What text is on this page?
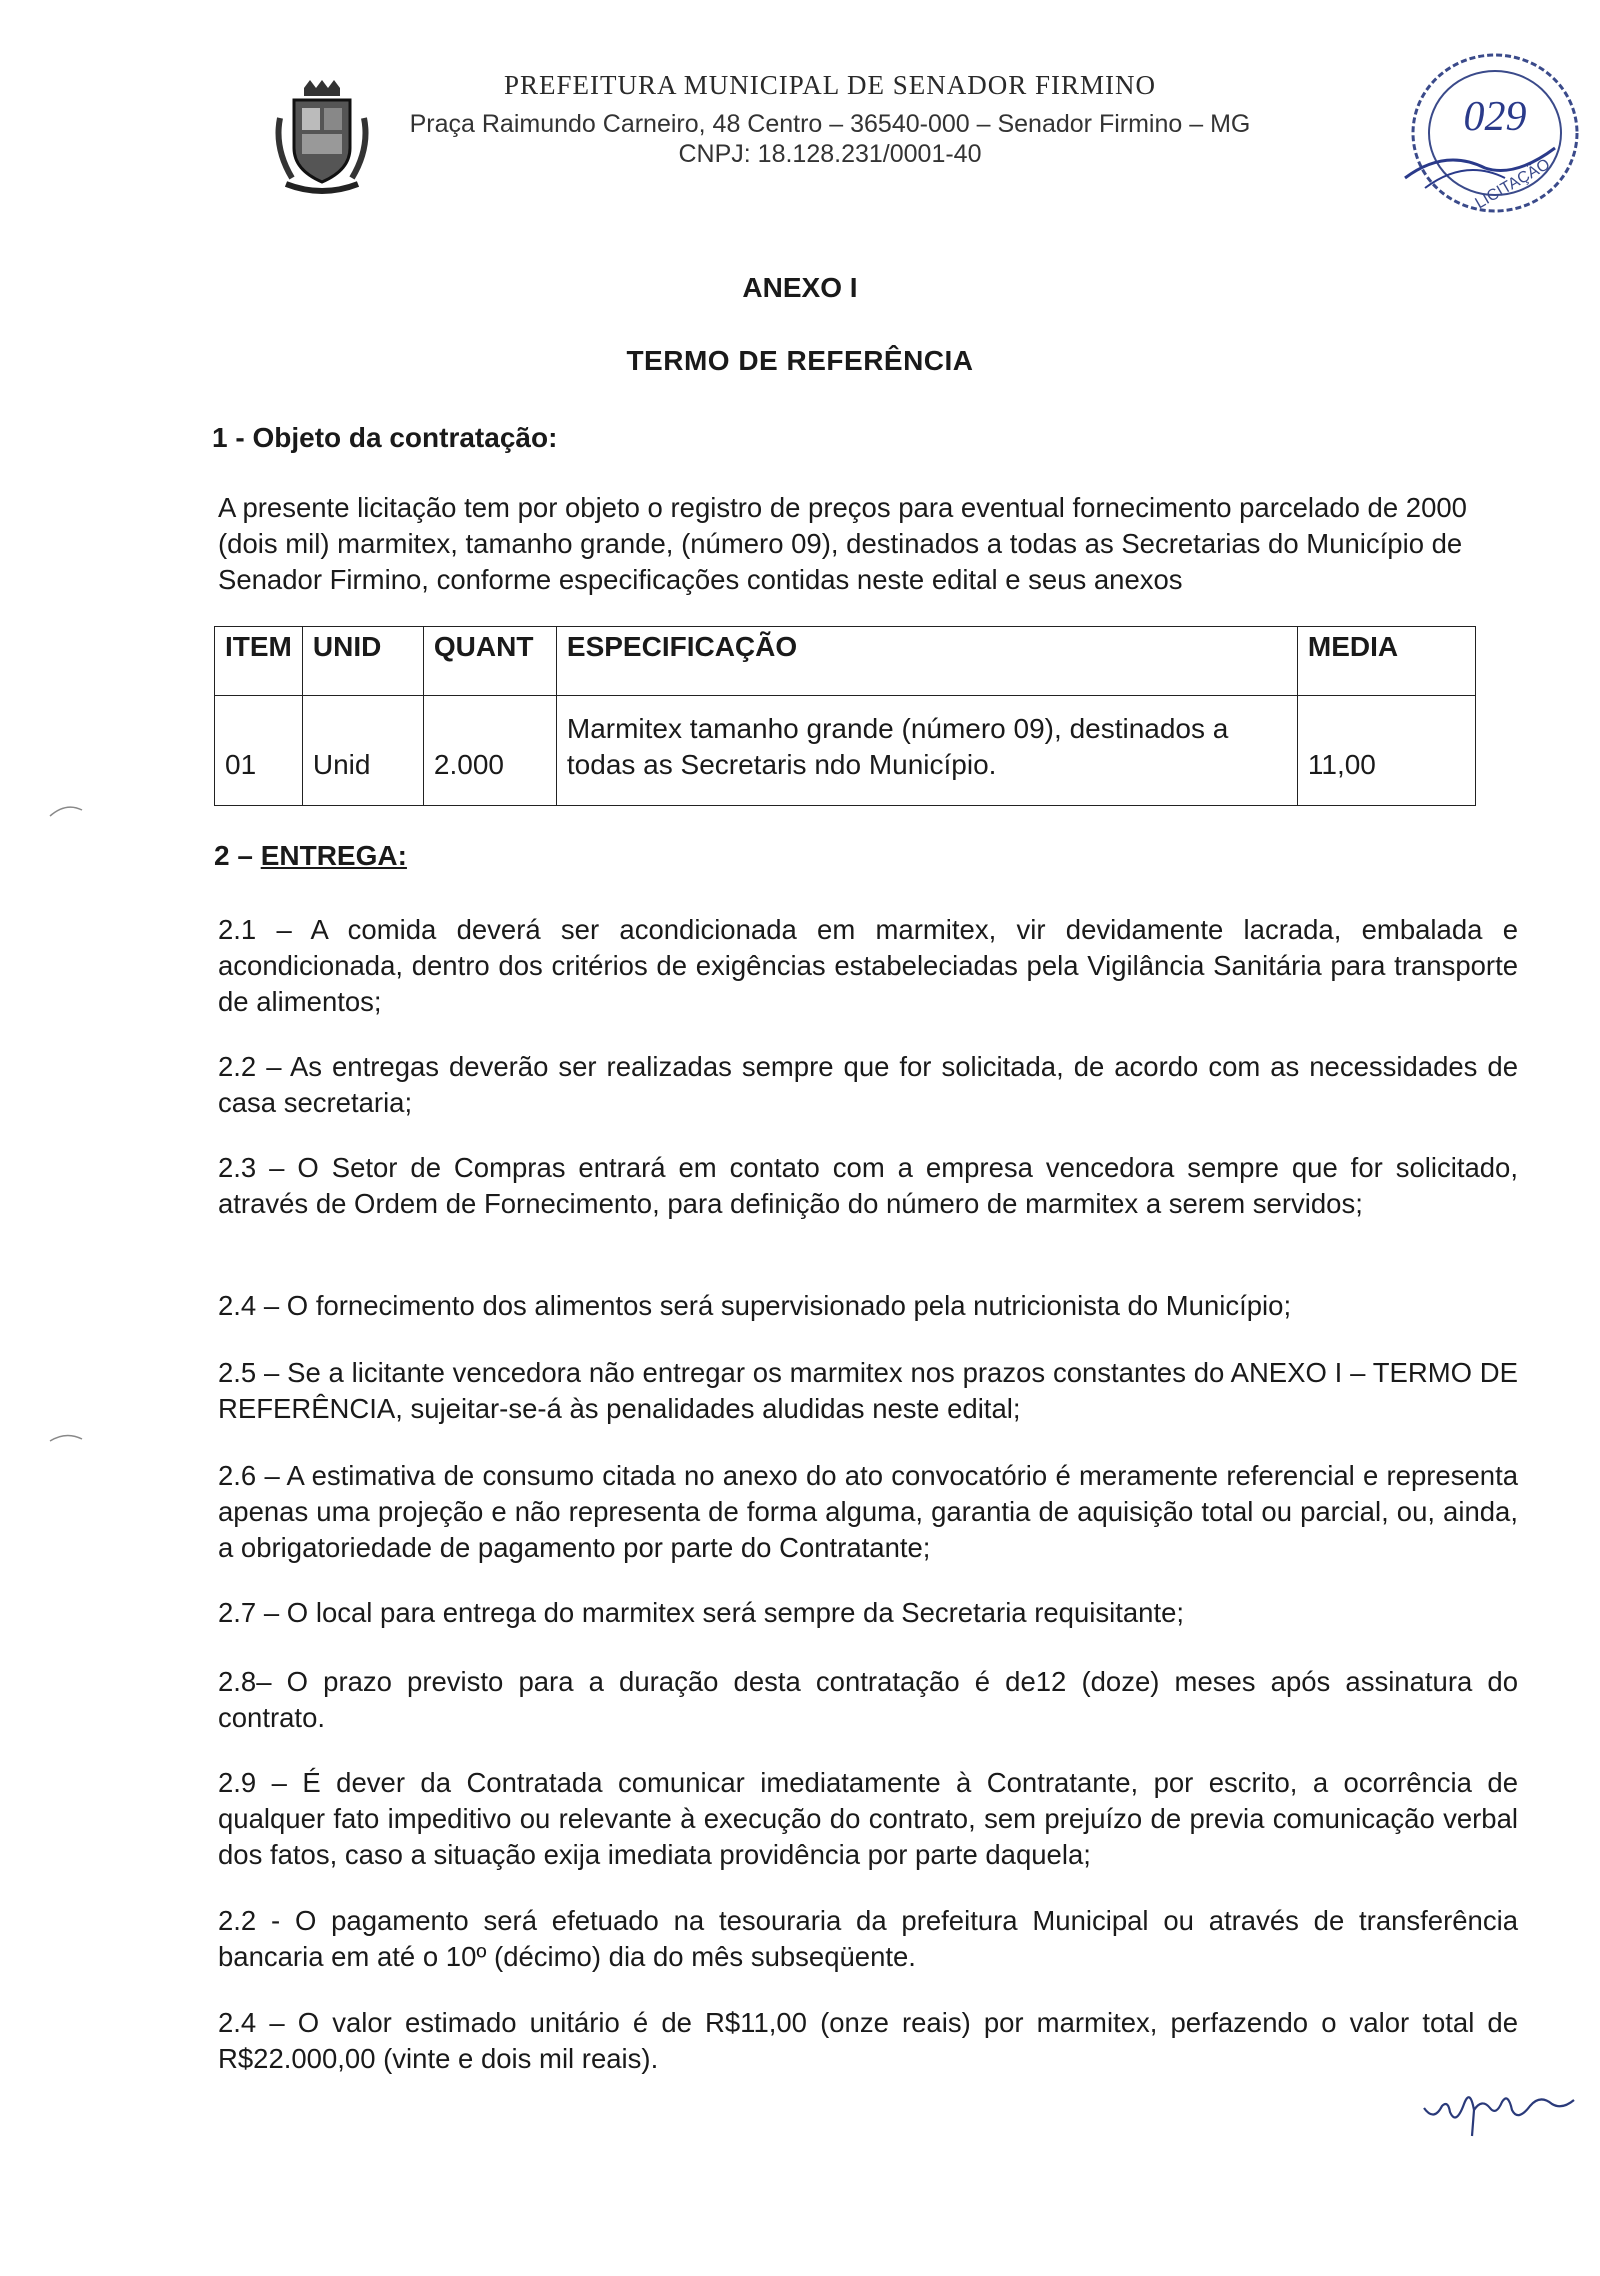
PREFEITURA MUNICIPAL DE SENADOR FIRMINO
Praça Raimundo Carneiro, 48 Centro – 36540-000 – Senador Firmino – MG
CNPJ: 18.128.231/0001-40
029
LICITAÇÃO
ANEXO I
TERMO DE REFERÊNCIA
1 - Objeto da contratação:
A presente licitação tem por objeto o registro de preços para eventual fornecimento parcelado de 2000 (dois mil) marmitex, tamanho grande, (número 09), destinados a todas as Secretarias do Município de Senador Firmino, conforme especificações contidas neste edital e seus anexos
ITEM	UNID	QUANT	ESPECIFICAÇÃO	MEDIA
01	Unid	2.000	Marmitex tamanho grande (número 09), destinados a todas as Secretaris ndo Município.	11,00
2 – ENTREGA:
2.1 – A comida deverá ser acondicionada em marmitex, vir devidamente lacrada, embalada e acondicionada, dentro dos critérios de exigências estabeleciadas pela Vigilância Sanitária para transporte de alimentos;
2.2 – As entregas deverão ser realizadas sempre que for solicitada, de acordo com as necessidades de casa secretaria;
2.3 – O Setor de Compras entrará em contato com a empresa vencedora sempre que for solicitado, através de Ordem de Fornecimento, para definição do número de marmitex a serem servidos;
2.4 – O fornecimento dos alimentos será supervisionado pela nutricionista do Município;
2.5 – Se a licitante vencedora não entregar os marmitex nos prazos constantes do ANEXO I – TERMO DE REFERÊNCIA, sujeitar-se-á às penalidades aludidas neste edital;
2.6 – A estimativa de consumo citada no anexo do ato convocatório é meramente referencial e representa apenas uma projeção e não representa de forma alguma, garantia de aquisição total ou parcial, ou, ainda, a obrigatoriedade de pagamento por parte do Contratante;
2.7 – O local para entrega do marmitex será sempre da Secretaria requisitante;
2.8– O prazo previsto para a duração desta contratação é de12 (doze) meses após assinatura do contrato.
2.9 – É dever da Contratada comunicar imediatamente à Contratante, por escrito, a ocorrência de qualquer fato impeditivo ou relevante à execução do contrato, sem prejuízo de previa comunicação verbal dos fatos, caso a situação exija imediata providência por parte daquela;
2.2 - O pagamento será efetuado na tesouraria da prefeitura Municipal ou através de transferência bancaria em até o 10º (décimo) dia do mês subseqüente.
2.4 – O valor estimado unitário é de R$11,00 (onze reais) por marmitex, perfazendo o valor total de R$22.000,00 (vinte e dois mil reais).
